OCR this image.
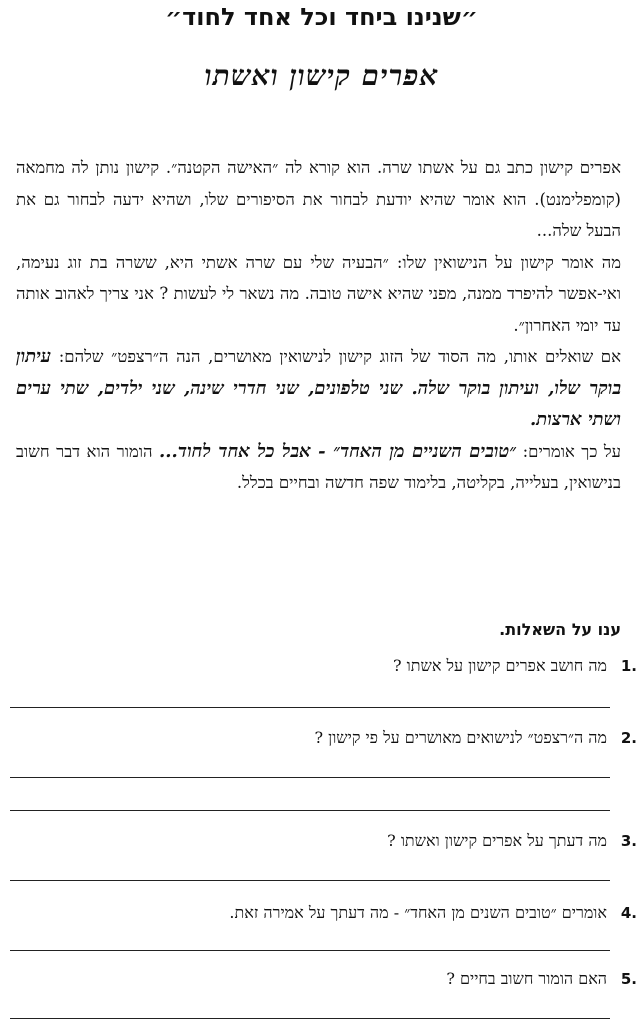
״שנינו ביחד וכל אחד לחוד״
אפרים קישון ואשתו

אפרים קישון כתב גם על אשתו שרה. הוא קורא לה ״האישה הקטנה״. קישון נותן לה מחמאה (קומפלימנט). הוא אומר שהיא יודעת לבחור את הסיפורים שלו, ושהיא ידעה לבחור גם את הבעל שלה...

מה אומר קישון על הנישואין שלו: ״הבעיה שלי עם שרה אשתי היא, ששרה בת זוג נעימה, ואי-אפשר להיפרד ממנה, מפני שהיא אישה טובה. מה נשאר לי לעשות ? אני צריך לאהוב אותה עד יומי האחרון״.

אם שואלים אותו, מה הסוד של הזוג קישון לנישואין מאושרים, הנה ה״רצפט״ שלהם: עיתון בוקר שלו, ועיתון בוקר שלה. שני טלפונים, שני חדרי שינה, שני ילדים, שתי ערים ושתי ארצות.

על כך אומרים: ״טובים השניים מן האחד״ - אבל כל אחד לחוד... הומור הוא דבר חשוב בנישואין, בעלייה, בקליטה, בלימוד שפה חדשה ובחיים בכלל.

ענו על השאלות.
.1
מה חושב אפרים קישון על אשתו ?
.2
מה ה״רצפט״ לנישואים מאושרים על פי קישון ?
.3
מה דעתך על אפרים קישון ואשתו ?
.4
אומרים ״טובים השנים מן האחד״ - מה דעתך על אמירה זאת.
.5
האם הומור חשוב בחיים ?
